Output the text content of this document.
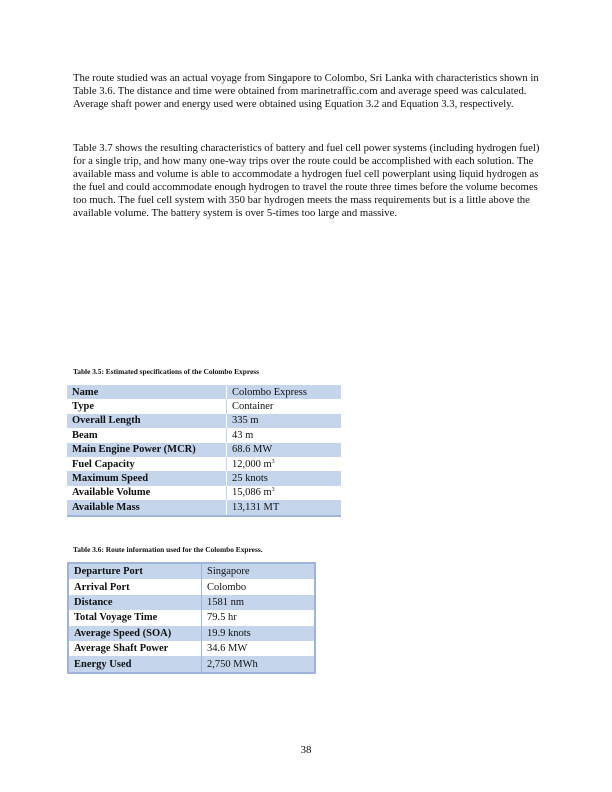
The route studied was an actual voyage from Singapore to Colombo, Sri Lanka with characteristics shown in Table 3.6. The distance and time were obtained from marinetraffic.com and average speed was calculated. Average shaft power and energy used were obtained using Equation 3.2 and Equation 3.3, respectively.

Table 3.7 shows the resulting characteristics of battery and fuel cell power systems (including hydrogen fuel) for a single trip, and how many one-way trips over the route could be accomplished with each solution. The available mass and volume is able to accommodate a hydrogen fuel cell powerplant using liquid hydrogen as the fuel and could accommodate enough hydrogen to travel the route three times before the volume becomes too much. The fuel cell system with 350 bar hydrogen meets the mass requirements but is a little above the available volume. The battery system is over 5-times too large and massive.

Table 3.5: Estimated specifications of the Colombo Express

Name	Colombo Express
Type	Container
Overall Length	335 m
Beam	43 m
Main Engine Power (MCR)	68.6 MW
Fuel Capacity	12,000 $m^3$
Maximum Speed	25 knots
Available Volume	15,086 $m^3$
Available Mass	13,131 MT

Table 3.6: Route information used for the Colombo Express.

Departure Port	Singapore
Arrival Port	Colombo
Distance	1581 nm
Total Voyage Time	79.5 hr
Average Speed (SOA)	19.9 knots
Average Shaft Power	34.6 MW
Energy Used	2,750 MWh
38
